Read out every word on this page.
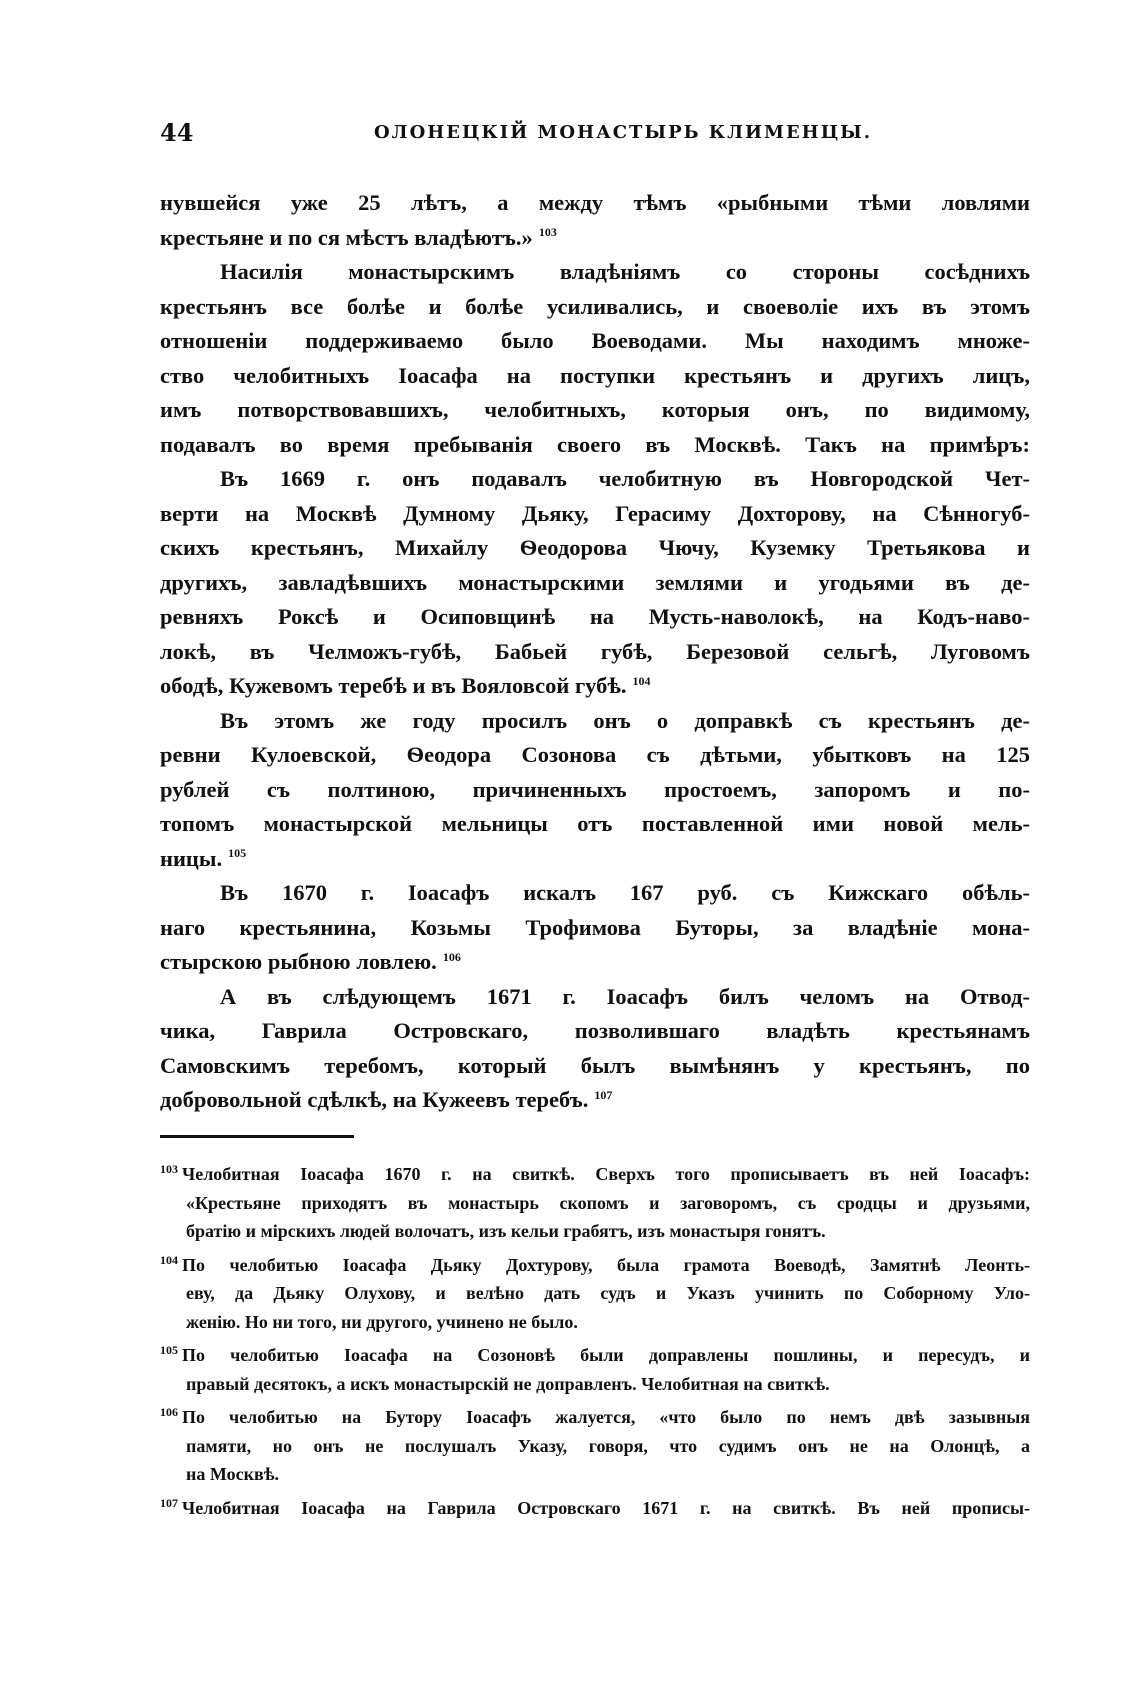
44	ОЛОНЕЦКІЙ МОНАСТЫРЬ КЛИМЕНЦЫ.
нувшейся уже 25 лѣтъ, а между тѣмъ «рыбными тѣми ловлями
крестьяне и по ся мѣстъ владѣютъ.» $^{103}$
Насилія монастырскимъ владѣніямъ со стороны сосѣднихъ
крестьянъ все болѣе и болѣе усиливались, и своеволіе ихъ въ этомъ
отношеніи поддерживаемо было Воеводами. Мы находимъ множе-
ство челобитныхъ Іоасафа на поступки крестьянъ и другихъ лицъ,
имъ потворствовавшихъ, челобитныхъ, которыя онъ, по видимому,
подавалъ во время пребыванія своего въ Москвѣ. Такъ на примѣръ:
Въ 1669 г. онъ подавалъ челобитную въ Новгородской Чет-
верти на Москвѣ Думному Дьяку, Герасиму Дохторову, на Сѣнногуб-
скихъ крестьянъ, Михайлу Ѳеодорова Чючу, Куземку Третьякова и
другихъ, завладѣвшихъ монастырскими землями и угодьями въ де-
ревняхъ Роксѣ и Осиповщинѣ на Мусть-наволокѣ, на Кодъ-наво-
локѣ, въ Челможъ-губѣ, Бабьей губѣ, Березовой сельгѣ, Луговомъ
ободѣ, Кужевомъ теребѣ и въ Вояловсой губѣ. $^{104}$
Въ этомъ же году просилъ онъ о доправкѣ съ крестьянъ де-
ревни Кулоевской, Ѳеодора Созонова съ дѣтьми, убытковъ на 125
рублей съ полтиною, причиненныхъ простоемъ, запоромъ и по-
топомъ монастырской мельницы отъ поставленной ими новой мель-
ницы. $^{105}$
Въ 1670 г. Іоасафъ искалъ 167 руб. съ Кижскаго обѣль-
наго крестьянина, Козьмы Трофимова Буторы, за владѣніе мона-
стырскою рыбною ловлею. $^{106}$
А въ слѣдующемъ 1671 г. Іоасафъ билъ челомъ на Отвод-
чика, Гаврила Островскаго, позволившаго владѣть крестьянамъ
Самовскимъ теребомъ, который былъ вымѣнянъ у крестьянъ, по
добровольной сдѣлкѣ, на Кужеевъ теребъ. $^{107}$
$^{103}$ Челобитная Іоасафа 1670 г. на свиткѣ. Сверхъ того прописываетъ въ ней Іоасафъ:
«Крестьяне приходятъ въ монастырь скопомъ и заговоромъ, съ сродцы и друзьями,
братію и мірскихъ людей волочатъ, изъ кельи грабятъ, изъ монастыря гонятъ.
$^{104}$ По челобитью Іоасафа Дьяку Дохтурову, была грамота Воеводѣ, Замятнѣ Леонть-
еву, да Дьяку Олухову, и велѣно дать судъ и Указъ учинить по Соборному Уло-
женію. Но ни того, ни другого, учинено не было.
$^{105}$ По челобитью Іоасафа на Созоновѣ были доправлены пошлины, и пересудъ, и
правый десятокъ, а искъ монастырскій не доправленъ. Челобитная на свиткѣ.
$^{106}$ По челобитью на Бутору Іоасафъ жалуется, «что было по немъ двѣ зазывныя
памяти, но онъ не послушалъ Указу, говоря, что судимъ онъ не на Олонцѣ, а
на Москвѣ.
$^{107}$ Челобитная Іоасафа на Гаврила Островскаго 1671 г. на свиткѣ. Въ ней прописы-
